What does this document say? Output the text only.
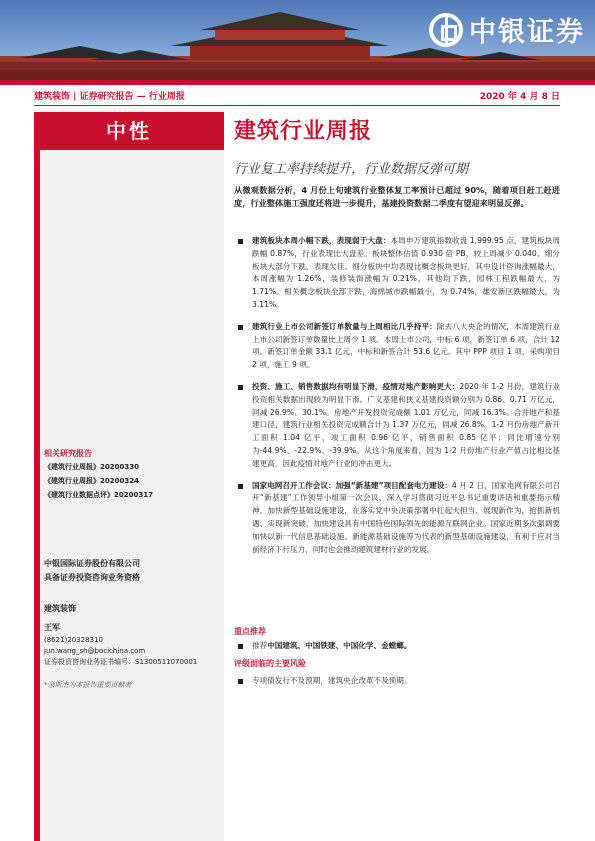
中银证券
建筑装饰 | 证券研究报告 — 行业周报	2020 年 4 月 8 日
中性
相关研究报告
《建筑行业周报》20200330
《建筑行业周报》20200324
《建筑行业数据点评》20200317
中银国际证券股份有限公司
具备证券投资咨询业务资格
建筑装饰
王军
(8621)20328310
jun.wang_sh@bocichina.com
证券投资咨询业务证书编号：S1300511070001
*余斯杰为本报告重要贡献者
建筑行业周报
行业复工率持续提升，行业数据反弹可期
从微观数据分析，4 月份上旬建筑行业整体复工率预计已超过 90%，随着项目赶工赶进度，行业整体施工强度还将进一步提升，基建投资数据二季度有望迎来明显反弹。
建筑板块本周小幅下跌，表现弱于大盘：本周申万建筑指数收盘 1,999.95 点，建筑板块周跌幅 0.87%，行业表现比大盘差。板块整体估值 0.930 倍 PB，较上周减少 0.040。细分板块大部分下跌，表现欠佳。细分板块中均表现比概念板块更好，其中设计咨询涨幅最大，本周涨幅为 1.26%，装修装饰涨幅为 0.21%，其他均下跌，园林工程跌幅最大，为 1.71%。相关概念板块全部下跌，海绵城市跌幅最小，为 0.74%，雄安新区跌幅最大，为 3.11%。
建筑行业上市公司新签订单数量与上周相比几乎持平：除去八大央企的情况，本周建筑行业上市公司新签订单数量比上周少 1 项。本周上市公司，中标 6 项，新签订单 6 项，合计 12 项。新签订单金额 33.1 亿元，中标和新签合计 53.6 亿元。其中 PPP 项目 1 项，采购项目 2 项，施工 9 项。
投资、施工、销售数据均有明显下滑，疫情对地产影响更大：2020 年 1-2 月份，建筑行业投资相关数据出现较为明显下滑。广义基建和狭义基建投资额分别为 0.86、0.71 万亿元，同减 26.9%、30.1%。房地产开发投资完成额 1.01 万亿元，同减 16.3%。合并地产和基建口径，建筑行业相关投资完成额合计为 1.37 万亿元，同减 26.8%。1-2 月份房地产新开工面积 1.04 亿平，竣工面积 0.96 亿平，销售面积 0.85 亿平；同比增速分别为-44.9%、-22.9%、-39.9%。从这个角度来看，因为 1-2 月份地产行业产值占比相比基建更高，因此疫情对地产行业的冲击更大。
国家电网召开工作会议：加强“新基建”项目配套电力建设：4 月 2 日，国家电网有限公司召开“新基建”工作领导小组第一次会议，深入学习贯彻习近平总书记重要讲话和重要指示精神，加快新型基础设施建设，在落实党中央决策部署中扛起大担当、展现新作为，抢抓新机遇、实现新突破，加快建设具有中国特色国际领先的能源互联网企业。国家近期多次强调要加快以新一代信息基础设施、新能源基础设施等为代表的新型基础设施建设，有利于应对当前经济下行压力，同时也会推动建筑建材行业的发展。
重点推荐
推荐中国建筑、中国铁建、中国化学、金螳螂。
评级面临的主要风险
专项债发行不及预期，建筑央企改革不及预期。
